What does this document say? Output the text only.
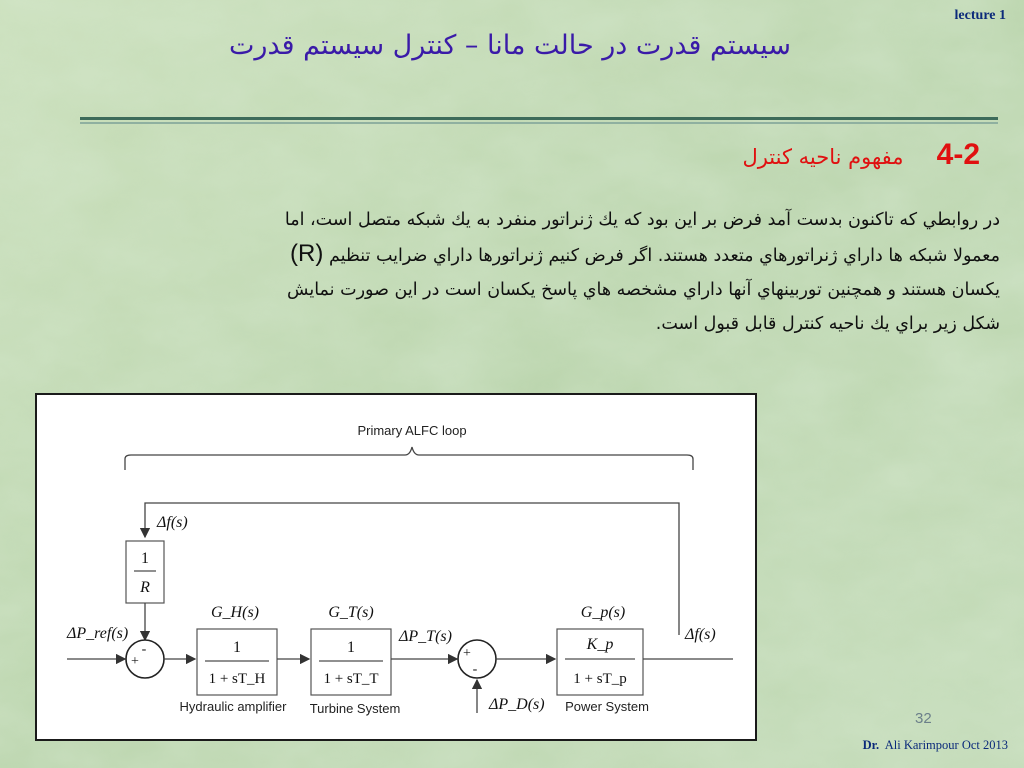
lecture 1
سیستم قدرت در حالت مانا – کنترل سیستم قدرت
4-2 مفهوم ناحیه کنترل
در روابطي كه تاكنون بدست آمد فرض بر اين بود كه يك ژنراتور منفرد به يك شبكه متصل است، اما
معمولا شبكه ها داراي ژنراتورهاي متعدد هستند. اگر فرض كنيم ژنراتورها داراي ضرايب تنظيم (R)
يكسان هستند و همچنين توربينهاي آنها داراي مشخصه هاي پاسخ يكسان است در اين صورت نمايش
شكل زير براي يك ناحيه كنترل قابل قبول است.
Primary ALFC loop
Δf(s)
1
R
ΔP_ref(s)
-
+
G_H(s)
1
1 + sT_H
Hydraulic amplifier
G_T(s)
1
1 + sT_T
Turbine System
ΔP_T(s)
+
-
ΔP_D(s)
G_p(s)
K_p
1 + sT_p
Power System
Δf(s)
32
Dr. Ali Karimpour Oct 2013
